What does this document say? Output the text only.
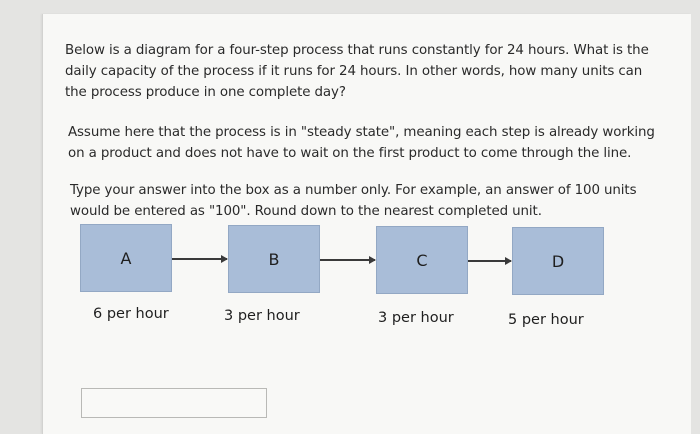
Below is a diagram for a four-step process that runs constantly for 24 hours. What is the daily capacity of the process if it runs for 24 hours. In other words, how many units can the process produce in one complete day?

Assume here that the process is in "steady state", meaning each step is already working on a product and does not have to wait on the first product to come through the line.

Type your answer into the box as a number only. For example, an answer of 100 units would be entered as "100". Round down to the nearest completed unit.

A	B	C	D
6 per hour	3 per hour	3 per hour	5 per hour
